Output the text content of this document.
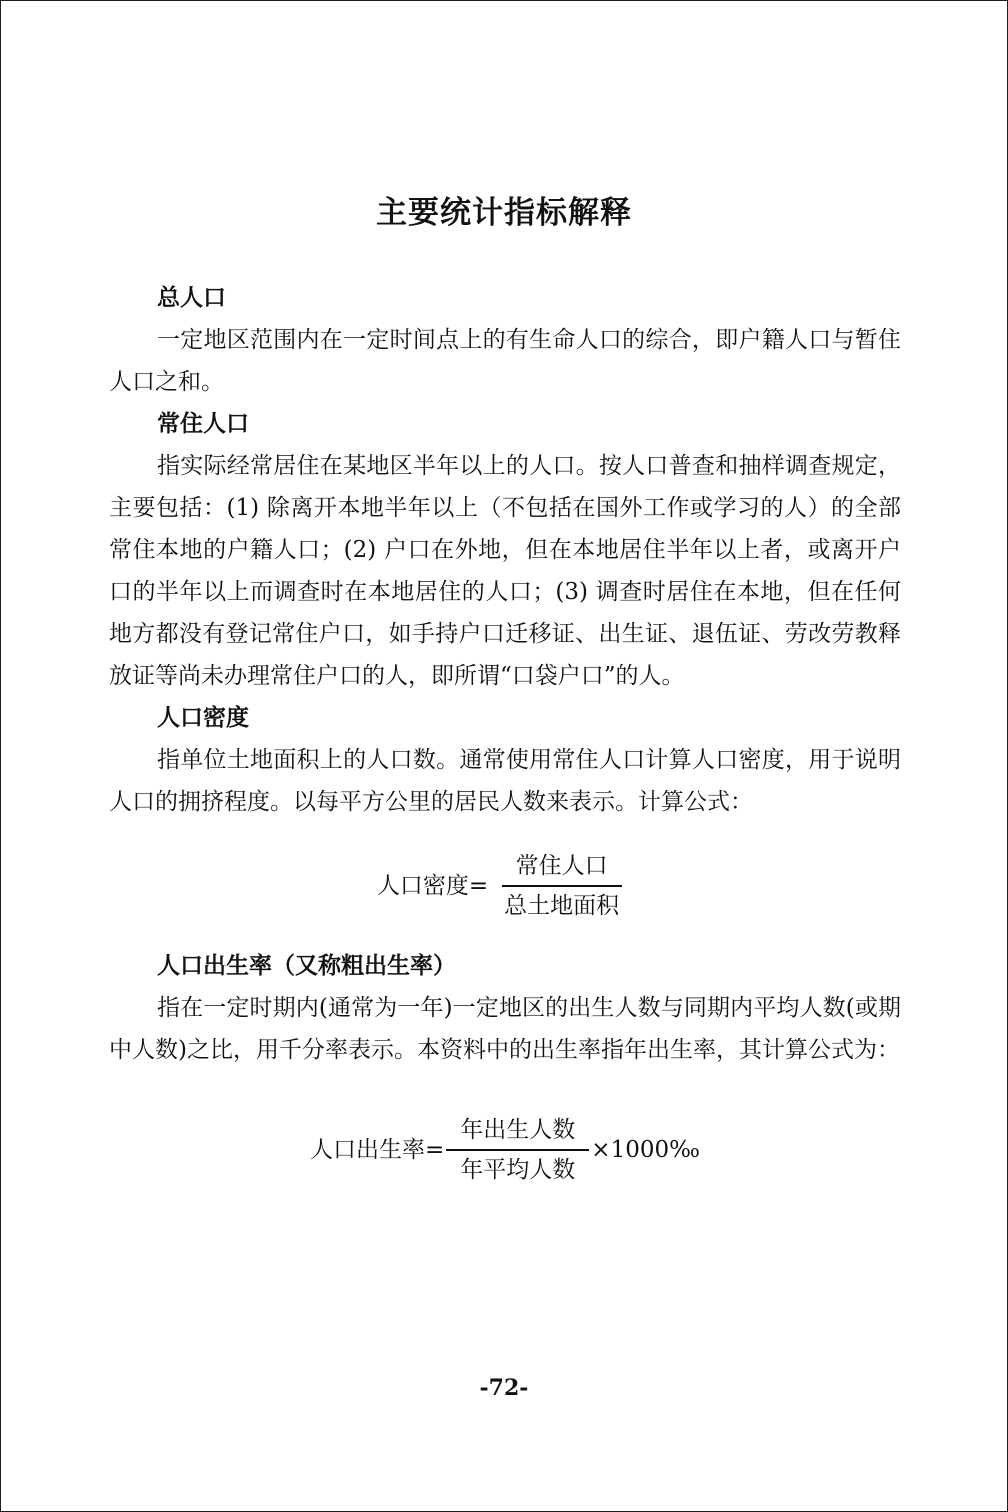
主要统计指标解释
总人口

一定地区范围内在一定时间点上的有生命人口的综合，即户籍人口与暂住人口之和。

常住人口

指实际经常居住在某地区半年以上的人口。按人口普查和抽样调查规定，主要包括：(1) 除离开本地半年以上（不包括在国外工作或学习的人）的全部常住本地的户籍人口；(2) 户口在外地，但在本地居住半年以上者，或离开户口的半年以上而调查时在本地居住的人口；(3) 调查时居住在本地，但在任何地方都没有登记常住户口，如手持户口迁移证、出生证、退伍证、劳改劳教释放证等尚未办理常住户口的人，即所谓“口袋户口”的人。

人口密度

指单位土地面积上的人口数。通常使用常住人口计算人口密度，用于说明人口的拥挤程度。以每平方公里的居民人数来表示。计算公式：

人口密度= $\frac{\text{常住人口}}{\text{总土地面积}}$
人口出生率（又称粗出生率）

指在一定时期内(通常为一年)一定地区的出生人数与同期内平均人数(或期中人数)之比，用千分率表示。本资料中的出生率指年出生率，其计算公式为：

人口出生率= $\frac{\text{年出生人数}}{\text{年平均人数}}$ ×1000‰
-72-
